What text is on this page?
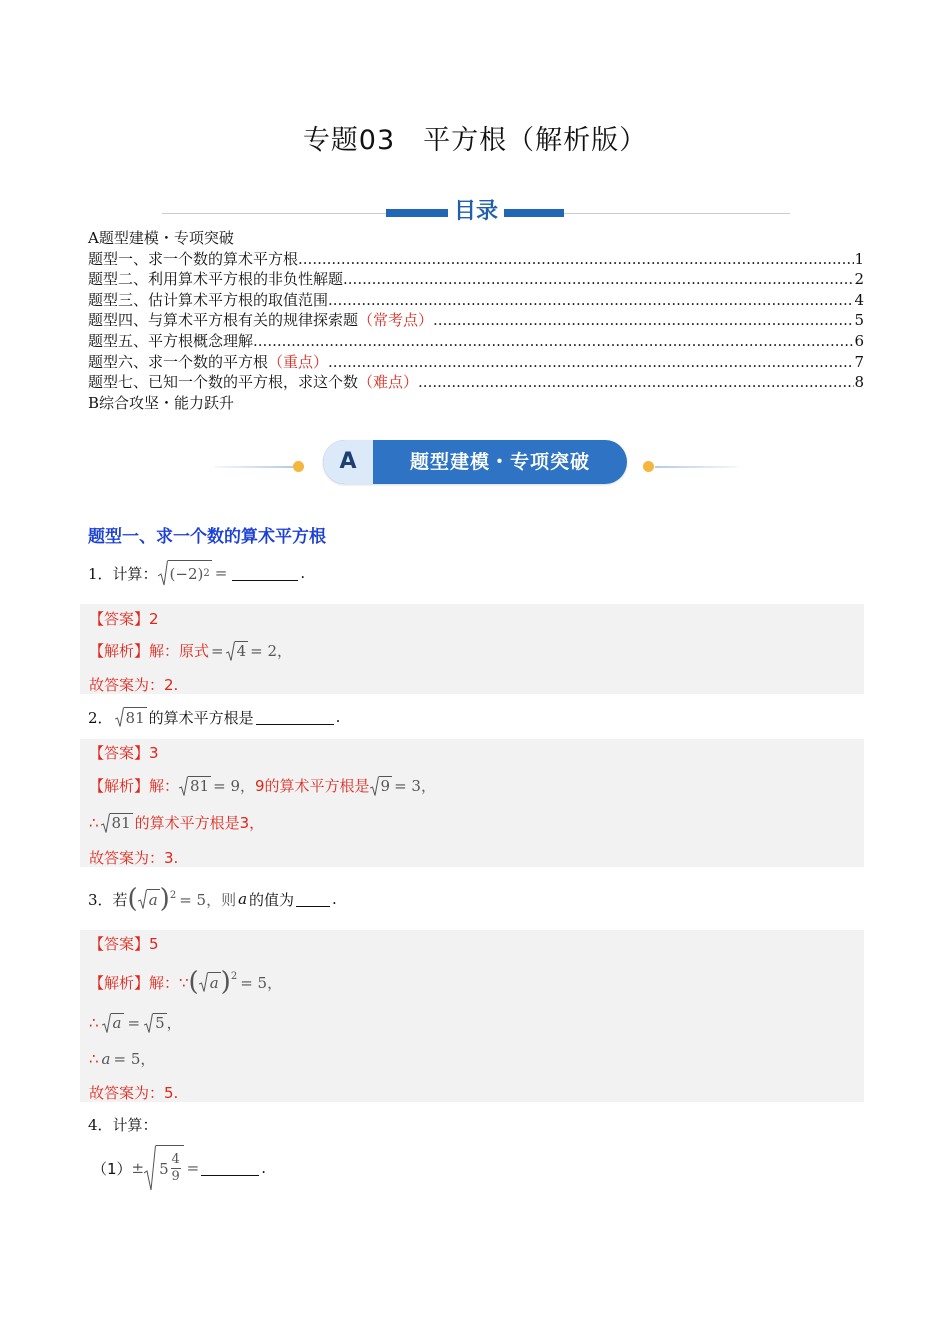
专题03　平方根（解析版）
目录
A题型建模・专项突破
题型一、求一个数的算术平方根 .....	1
题型二、利用算术平方根的非负性解题 .....	2
题型三、估计算术平方根的取值范围 .....	4
题型四、与算术平方根有关的规律探索题 （常考点） .....	5
题型五、平方根概念理解 .....	6
题型六、求一个数的平方根 （重点） .....	7
题型七、已知一个数的平方根，求这个数 （难点） .....	8
B综合攻坚・能力跃升
A	题型建模・专项突破
题型一、求一个数的算术平方根
1．计算： (−2) 2 =	.
【答案】2
【解析】解：原式 = 4 = 2，
故答案为：2.
2． 81 的算术平方根是	.
【答案】3
【解析】解： 81 = 9， 9的算术平方根是 9 = 3，
∴ 81 的算术平方根是3，
故答案为：3.
3．若 ( a )$^2$ = 5，则 a 的值为	.
【答案】5
【解析】解：∵ ( a )$^2$ = 5，
∴ a = 5 ，
∴ a = 5，
故答案为：5.
4．计算：
（1） ± 5 4
9 =	.
